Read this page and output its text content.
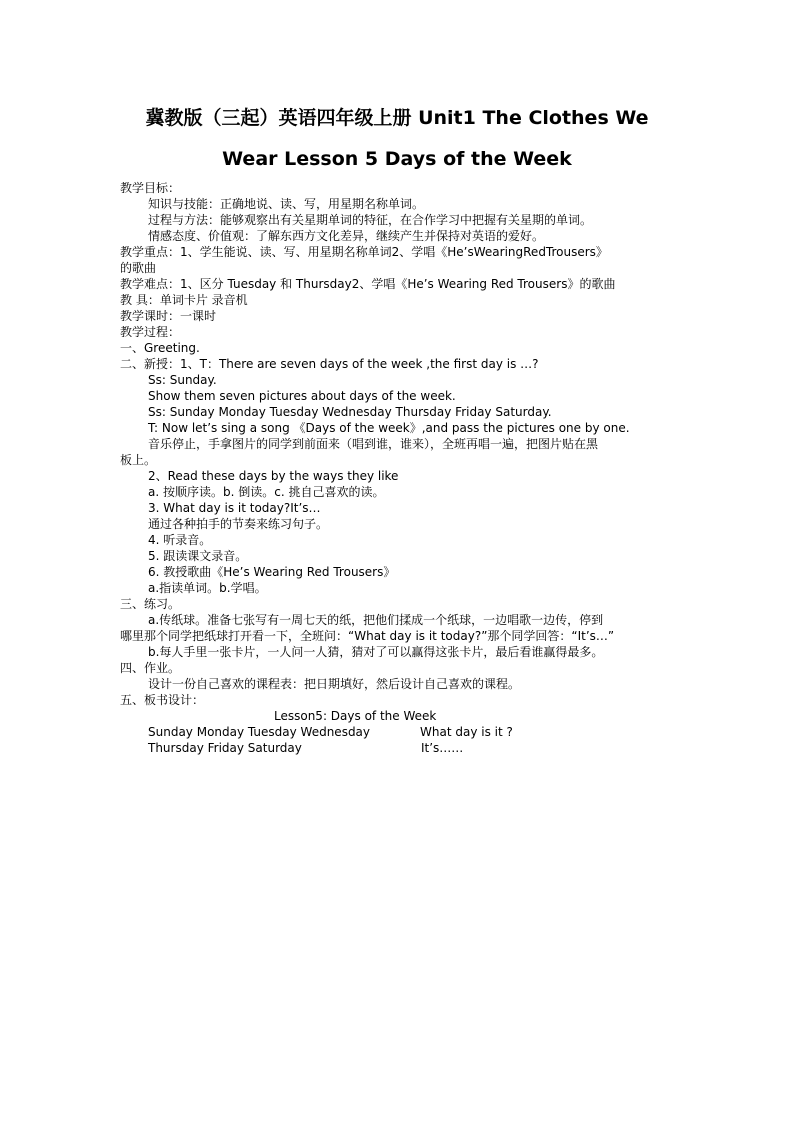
冀教版（三起）英语四年级上册 Unit1 The Clothes We
Wear Lesson 5 Days of the Week
教学目标：
知识与技能：正确地说、读、写，用星期名称单词。
过程与方法：能够观察出有关星期单词的特征，在合作学习中把握有关星期的单词。
情感态度、价值观：了解东西方文化差异，继续产生并保持对英语的爱好。
教学重点：1、学生能说、读、写、用星期名称单词2、学唱《He’sWearingRedTrousers》
的歌曲
教学难点：1、区分 Tuesday 和 Thursday2、学唱《He’s Wearing Red Trousers》的歌曲
教 具：单词卡片 录音机
教学课时：一课时
教学过程：
一、Greeting.
二、新授：1、T：There are seven days of the week ,the first day is …?
Ss: Sunday.
Show them seven pictures about days of the week.
Ss: Sunday Monday Tuesday Wednesday Thursday Friday Saturday.
T: Now let’s sing a song 《Days of the week》,and pass the pictures one by one.
音乐停止，手拿图片的同学到前面来（唱到谁，谁来），全班再唱一遍，把图片贴在黑
板上。
2、Read these days by the ways they like
a. 按顺序读。b. 倒读。c. 挑自己喜欢的读。
3. What day is it today?It’s…
通过各种拍手的节奏来练习句子。
4. 听录音。
5. 跟读课文录音。
6. 教授歌曲《He’s Wearing Red Trousers》
a.指读单词。b.学唱。
三、练习。
a.传纸球。准备七张写有一周七天的纸，把他们揉成一个纸球，一边唱歌一边传，停到
哪里那个同学把纸球打开看一下，全班问：“What day is it today?”那个同学回答：“It’s…”
b.每人手里一张卡片，一人问一人猜，猜对了可以赢得这张卡片，最后看谁赢得最多。
四、作业。
设计一份自己喜欢的课程表：把日期填好，然后设计自己喜欢的课程。
五、板书设计：
Lesson5: Days of the Week
Sunday Monday Tuesday Wednesday	What day is it ?
Thursday Friday Saturday	It’s……
